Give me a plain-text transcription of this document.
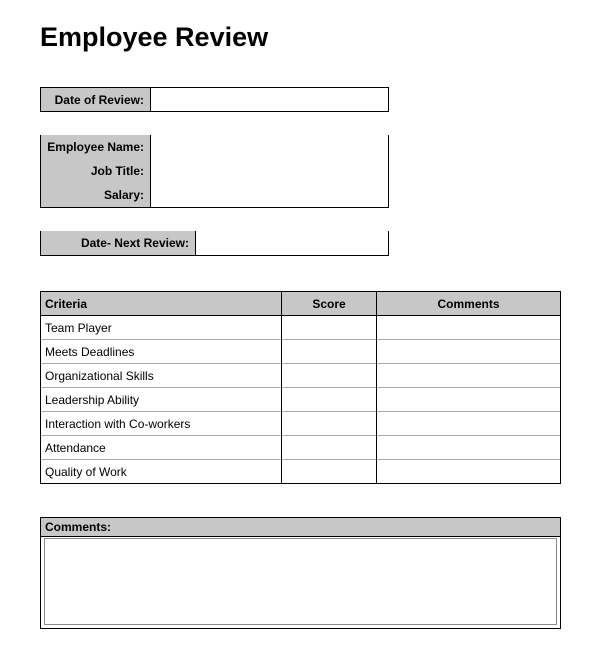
Employee Review
Date of Review:
Employee Name:
Job Title:
Salary:
Date- Next Review:
Criteria	Score	Comments
Team Player		
Meets Deadlines		
Organizational Skills		
Leadership Ability		
Interaction with Co-workers		
Attendance		
Quality of Work		
Comments:
